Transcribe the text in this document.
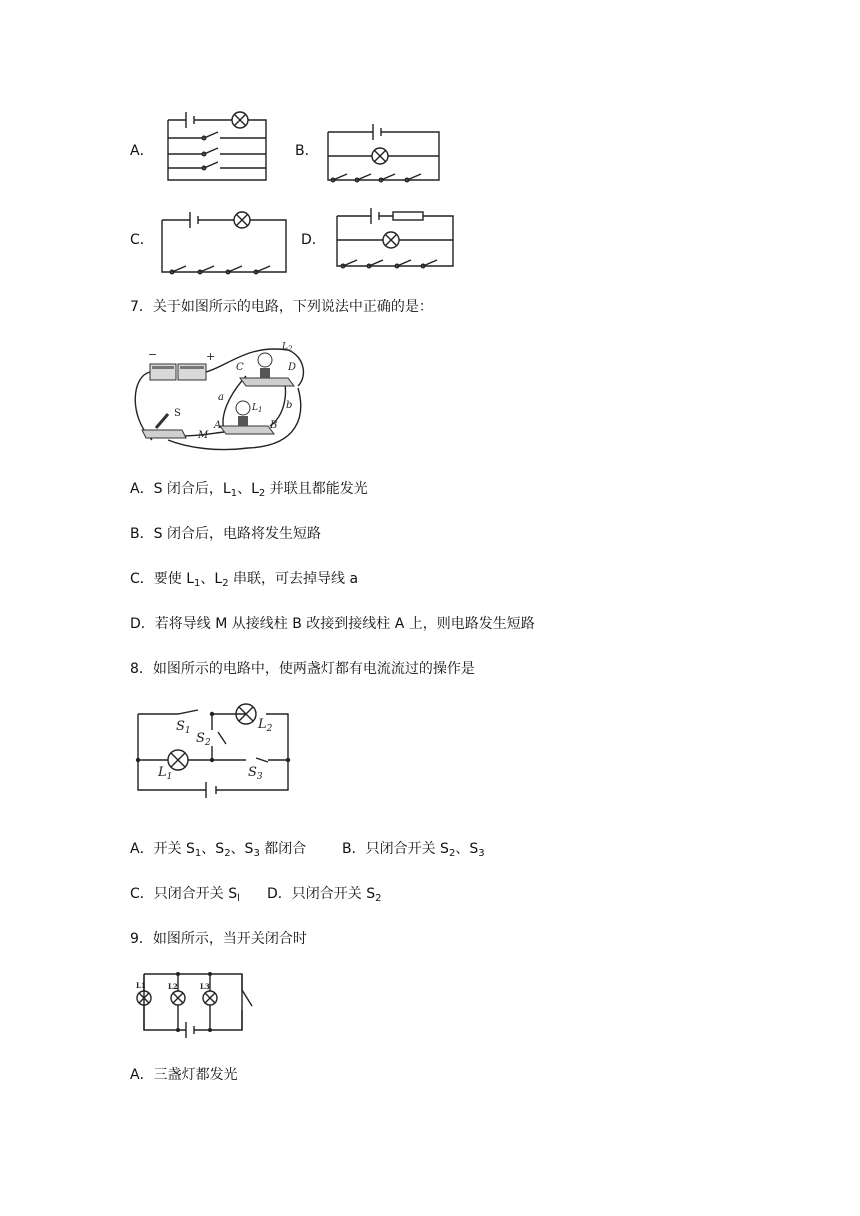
A．	B．
C．	D．
7．关于如图所示的电路，下列说法中正确的是：
−	+
$L_2$
C	D
$L_1$
A	B
a
b
S
M
A．S 闭合后，$L_1$、$L_2$ 并联且都能发光
B．S 闭合后，电路将发生短路
C．要使 $L_1$、$L_2$ 串联，可去掉导线 a
D．若将导线 M 从接线柱 B 改接到接线柱 A 上，则电路发生短路
8．如图所示的电路中，使两盏灯都有电流流过的操作是
$S_1$ $S_2$
$L_2$
$L_1$	$S_3$
A．开关 $S_1$、$S_2$、$S_3$ 都闭合	B．只闭合开关 $S_2$、$S_3$
C．只闭合开关 $S_l$ D．只闭合开关 $S_2$
9．如图所示，当开关闭合时
L1	L2	L3
A．三盏灯都发光
